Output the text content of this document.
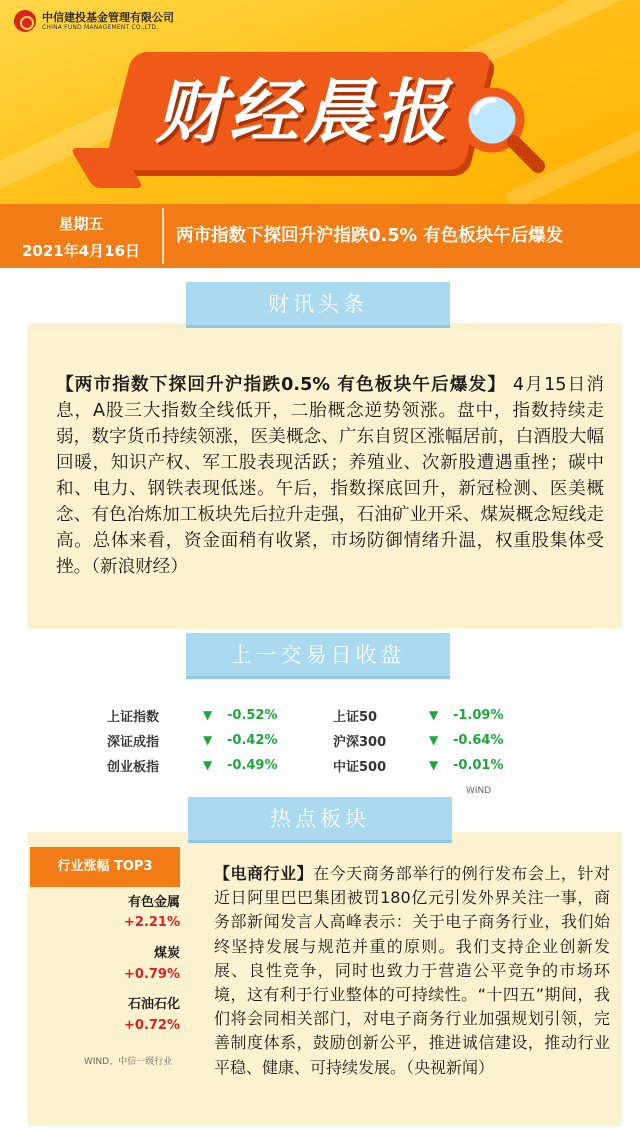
中信建投基金管理有限公司
CHINA FUND MANAGEMENT CO.,LTD.
财经晨报
星期五
2021年4月16日
两市指数下探回升沪指跌0.5% 有色板块午后爆发
财讯头条
【两市指数下探回升沪指跌0.5% 有色板块午后爆发】 4月15日消息，A股三大指数全线低开，二胎概念逆势领涨。盘中，指数持续走弱，数字货币持续领涨，医美概念、广东自贸区涨幅居前，白酒股大幅回暖，知识产权、军工股表现活跃；养殖业、次新股遭遇重挫；碳中和、电力、钢铁表现低迷。午后，指数探底回升，新冠检测、医美概念、有色冶炼加工板块先后拉升走强，石油矿业开采、煤炭概念短线走高。总体来看，资金面稍有收紧，市场防御情绪升温，权重股集体受挫。（新浪财经）
上一交易日收盘
上证指数	▼	-0.52%	上证50	▼	-1.09%
深证成指	▼	-0.42%	沪深300	▼	-0.64%
创业板指	▼	-0.49%	中证500	▼	-0.01%
WIND
热点板块
行业涨幅 TOP3
有色金属
+2.21%
煤炭
+0.79%
石油石化
+0.72%
WIND、中信一级行业
【电商行业】在今天商务部举行的例行发布会上，针对近日阿里巴巴集团被罚180亿元引发外界关注一事，商务部新闻发言人高峰表示：关于电子商务行业，我们始终坚持发展与规范并重的原则。我们支持企业创新发展、良性竞争，同时也致力于营造公平竞争的市场环境，这有利于行业整体的可持续性。“十四五”期间，我们将会同相关部门，对电子商务行业加强规划引领，完善制度体系，鼓励创新公平，推进诚信建设，推动行业平稳、健康、可持续发展。（央视新闻）
